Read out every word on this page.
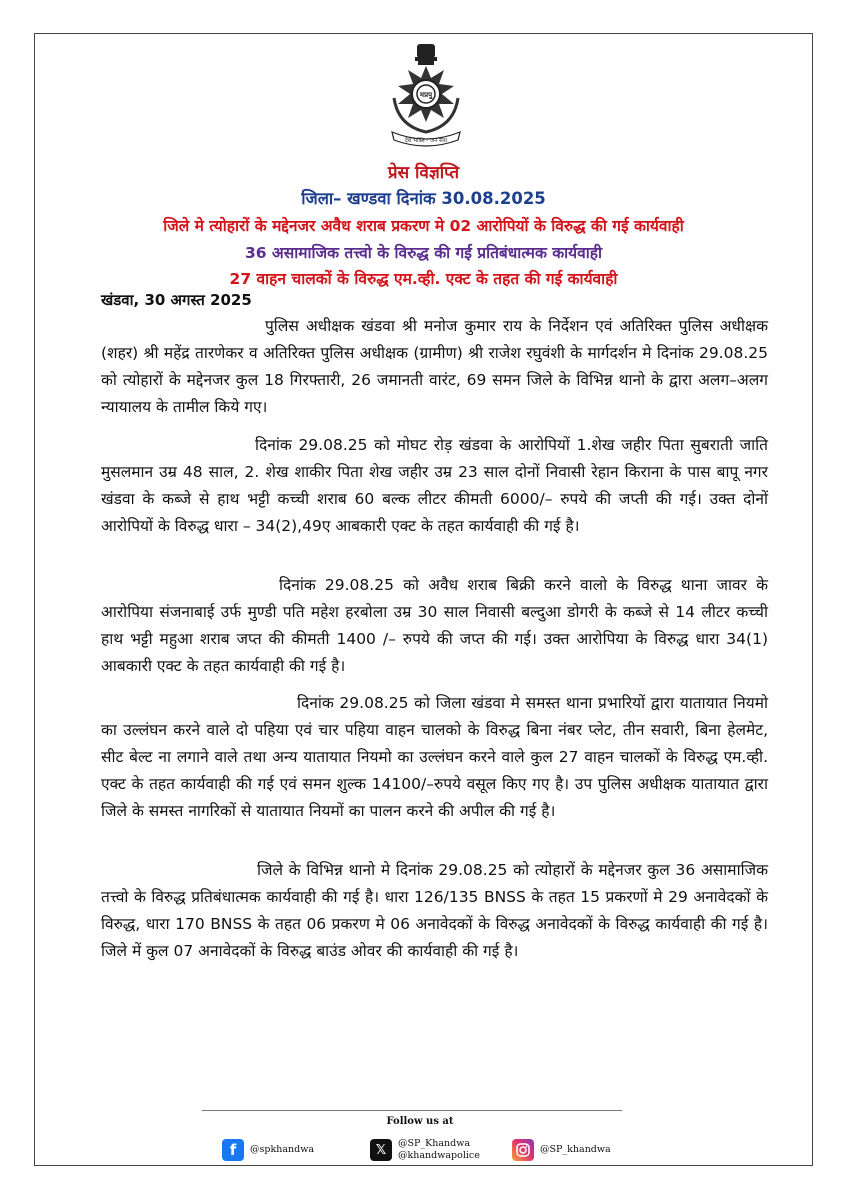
मप्रपु
देश भक्ति - जन सेवा
प्रेस विज्ञप्ति
जिला– खण्डवा दिनांक 30.08.2025
जिले मे त्योहारों के मद्देनजर अवैध शराब प्रकरण मे 02 आरोपियों के विरुद्ध की गई कार्यवाही
36 असामाजिक तत्त्वो के विरुद्ध की गई प्रतिबंधात्मक कार्यवाही
27 वाहन चालकों के विरुद्ध एम.व्ही. एक्ट के तहत की गई कार्यवाही
खंडवा, 30 अगस्त 2025
पुलिस अधीक्षक खंडवा श्री मनोज कुमार राय के निर्देशन एवं अतिरिक्त पुलिस अधीक्षक (शहर) श्री महेंद्र तारणेकर व अतिरिक्त पुलिस अधीक्षक (ग्रामीण) श्री राजेश रघुवंशी के मार्गदर्शन मे दिनांक 29.08.25 को त्योहारों के मद्देनजर कुल 18 गिरफ्तारी, 26 जमानती वारंट, 69 समन जिले के विभिन्न थानो के द्वारा अलग–अलग न्यायालय के तामील किये गए।
दिनांक 29.08.25 को मोघट रोड़ खंडवा के आरोपियों 1.शेख जहीर पिता सुबराती जाति मुसलमान उम्र 48 साल, 2. शेख शाकीर पिता शेख जहीर उम्र 23 साल दोनों निवासी रेहान किराना के पास बापू नगर खंडवा के कब्जे से हाथ भट्टी कच्ची शराब 60 बल्क लीटर कीमती 6000/– रुपये की जप्ती की गई। उक्त दोनों आरोपियों के विरुद्ध धारा – 34(2),49ए आबकारी एक्ट के तहत कार्यवाही की गई है।
दिनांक 29.08.25 को अवैध शराब बिक्री करने वालो के विरुद्ध थाना जावर के आरोपिया संजनाबाई उर्फ मुण्डी पति महेश हरबोला उम्र 30 साल निवासी बल्दुआ डोगरी के कब्जे से 14 लीटर कच्ची हाथ भट्टी महुआ शराब जप्त की कीमती 1400 /– रुपये की जप्त की गई। उक्त आरोपिया के विरुद्ध धारा 34(1) आबकारी एक्ट के तहत कार्यवाही की गई है।
दिनांक 29.08.25 को जिला खंडवा मे समस्त थाना प्रभारियों द्वारा यातायात नियमो का उल्लंघन करने वाले दो पहिया एवं चार पहिया वाहन चालको के विरुद्ध बिना नंबर प्लेट, तीन सवारी, बिना हेलमेट, सीट बेल्ट ना लगाने वाले तथा अन्य यातायात नियमो का उल्लंघन करने वाले कुल 27 वाहन चालकों के विरुद्ध एम.व्ही. एक्ट के तहत कार्यवाही की गई एवं समन शुल्क 14100/–रुपये वसूल किए गए है। उप पुलिस अधीक्षक यातायात द्वारा जिले के समस्त नागरिकों से यातायात नियमों का पालन करने की अपील की गई है।
जिले के विभिन्न थानो मे दिनांक 29.08.25 को त्योहारों के मद्देनजर कुल 36 असामाजिक तत्त्वो के विरुद्ध प्रतिबंधात्मक कार्यवाही की गई है। धारा 126/135 BNSS के तहत 15 प्रकरणों मे 29 अनावेदकों के विरुद्ध, धारा 170 BNSS के तहत 06 प्रकरण मे 06 अनावेदकों के विरुद्ध अनावेदकों के विरुद्ध कार्यवाही की गई है। जिले में कुल 07 अनावेदकों के विरुद्ध बाउंड ओवर की कार्यवाही की गई है।
Follow us at
f	@spkhandwa	𝕏	@SP_Khandwa
@khandwapolice
@SP_khandwa
